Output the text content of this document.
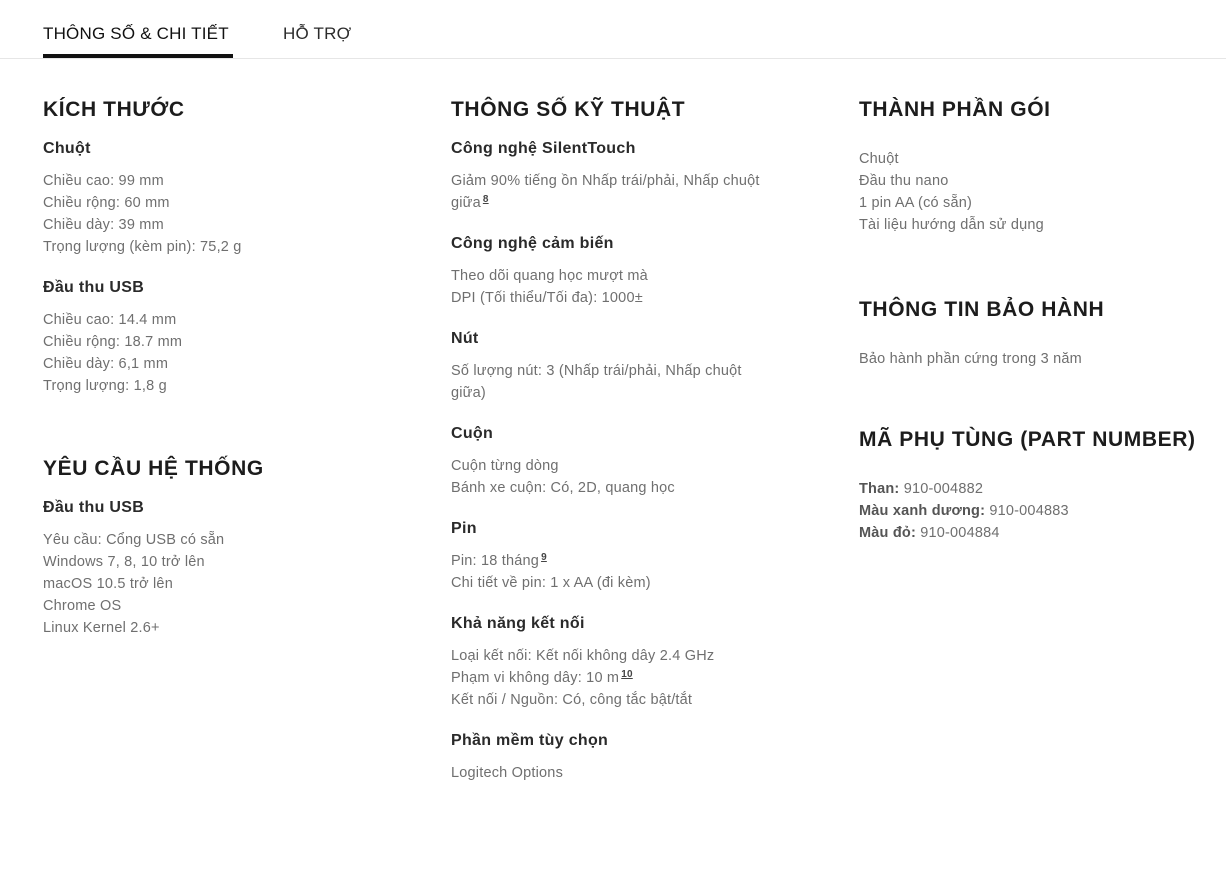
THÔNG SỐ & CHI TIẾT	HỖ TRỢ
KÍCH THƯỚC
Chuột
Chiều cao: 99 mm
Chiều rộng: 60 mm
Chiều dày: 39 mm
Trọng lượng (kèm pin): 75,2 g
Đầu thu USB
Chiều cao: 14.4 mm
Chiều rộng: 18.7 mm
Chiều dày: 6,1 mm
Trọng lượng: 1,8 g
YÊU CẦU HỆ THỐNG
Đầu thu USB
Yêu cầu: Cổng USB có sẵn
Windows 7, 8, 10 trở lên
macOS 10.5 trở lên
Chrome OS
Linux Kernel 2.6+
THÔNG SỐ KỸ THUẬT
Công nghệ SilentTouch
Giảm 90% tiếng ồn Nhấp trái/phải, Nhấp chuột
giữa $^8$
Công nghệ cảm biến
Theo dõi quang học mượt mà
DPI (Tối thiểu/Tối đa): 1000±
Nút
Số lượng nút: 3 (Nhấp trái/phải, Nhấp chuột
giữa)
Cuộn
Cuộn từng dòng
Bánh xe cuộn: Có, 2D, quang học
Pin
Pin: 18 tháng $^9$
Chi tiết về pin: 1 x AA (đi kèm)
Khả năng kết nối
Loại kết nối: Kết nối không dây 2.4 GHz
Phạm vi không dây: 10 m $^{10}$
Kết nối / Nguồn: Có, công tắc bật/tắt
Phần mềm tùy chọn
Logitech Options
THÀNH PHẦN GÓI
Chuột
Đầu thu nano
1 pin AA (có sẵn)
Tài liệu hướng dẫn sử dụng
THÔNG TIN BẢO HÀNH
Bảo hành phần cứng trong 3 năm
MÃ PHỤ TÙNG (PART NUMBER)
Than: 910-004882
Màu xanh dương: 910-004883
Màu đỏ: 910-004884
